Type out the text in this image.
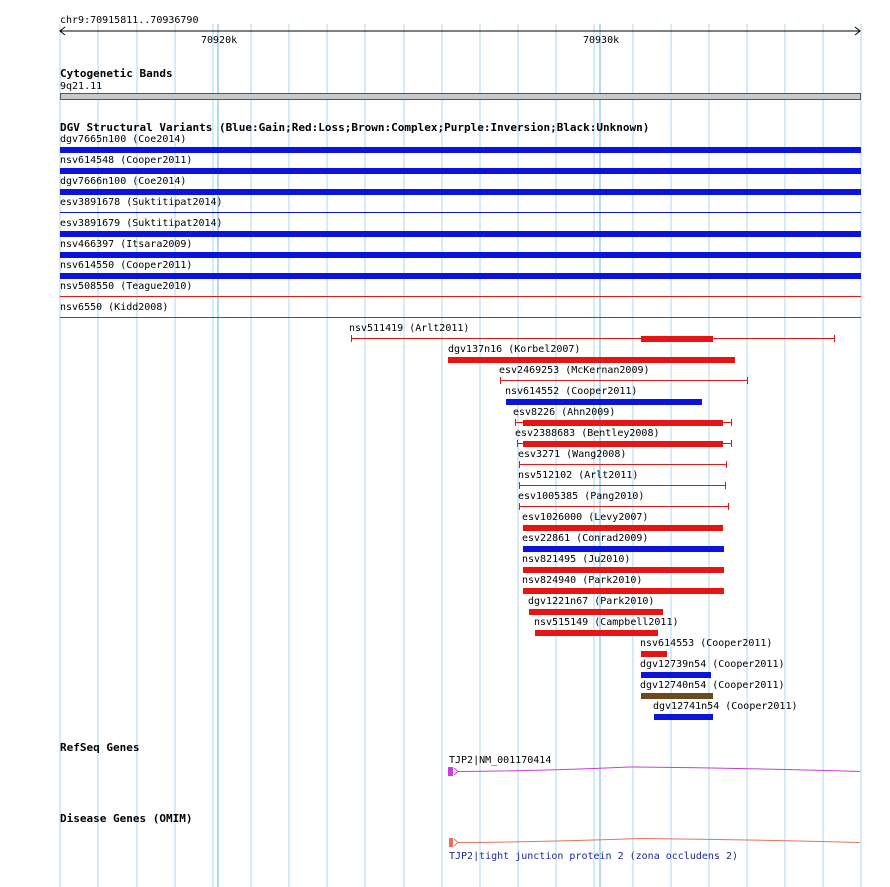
chr9:70915811..70936790
70920k	70930k
Cytogenetic Bands
9q21.11
DGV Structural Variants (Blue:Gain;Red:Loss;Brown:Complex;Purple:Inversion;Black:Unknown)
dgv7665n100 (Coe2014)
nsv614548 (Cooper2011)
dgv7666n100 (Coe2014)
esv3891678 (Suktitipat2014)
esv3891679 (Suktitipat2014)
nsv466397 (Itsara2009)
nsv614550 (Cooper2011)
nsv508550 (Teague2010)
nsv6550 (Kidd2008)
nsv511419 (Arlt2011)
dgv137n16 (Korbel2007)
esv2469253 (McKernan2009)
nsv614552 (Cooper2011)
esv8226 (Ahn2009)
esv2388683 (Bentley2008)
esv3271 (Wang2008)
nsv512102 (Arlt2011)
esv1005385 (Pang2010)
esv1026000 (Levy2007)
esv22861 (Conrad2009)
nsv821495 (Ju2010)
nsv824940 (Park2010)
dgv1221n67 (Park2010)
nsv515149 (Campbell2011)
nsv614553 (Cooper2011)
dgv12739n54 (Cooper2011)
dgv12740n54 (Cooper2011)
dgv12741n54 (Cooper2011)
RefSeq Genes
TJP2|NM_001170414
Disease Genes (OMIM)
TJP2|tight junction protein 2 (zona occludens 2)
